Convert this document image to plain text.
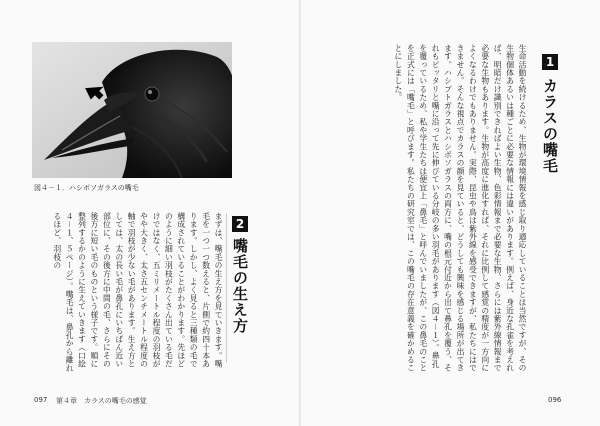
図４－１．ハシボソガラスの嘴毛
2
嘴毛の生え方
まずは、嘴毛の生え方を見ていきます。嘴毛を一つ一つ数えると、片側で約四十本あります。しかし、よく見ると三種類の毛で構成されていることがわかります。先ほどのように細い羽枝がたくさん出ている毛だけではなく、五ミリメートル程度の羽枝がやや大きく、太さ五センチメートル程度の軸で羽枝が少ない毛があります。生え方としては、太の長い毛が鼻孔にいちばん近い部位に、その後方に中間の毛、さらにその後方に短い毛のものという様子です。順に整列するかのように生えていきます（口絵４－１、５ページ）。嘴毛は、鼻孔から離れるほど、羽枝の
097 第４章　カラスの嘴毛の感覚
1
カラスの嘴毛
生命活動を続けるため、生物が環境情報を感じ取り適応していることは当然ですが、その生物個体あるいは種ごとに必要な情報には違いがあります。例えば、身近な孔雀を考えれば、明暗だけ識別できればよい生物、色彩情報まで必要な生物、さらには紫外線情報まで必要な生物もあります。生物が高度に進化すれば、それに比例して感覚の精度が一方向によくなるわけでもありません。実際、昆虫や鳥は紫外線を感受できますが、私たちにはできません。そんな視点でカラスの顔を見ていると、どうしても興味を感じる場所が出てきます。ハシブトガラスとハシボソガラスの両方に、嘴の根元付近から出て鼻孔を覆う、それもピッタリと嘴に沿って先に伸びている分岐の多い羽毛があります（図４－１）。鼻孔を覆っているため、私や学生たちは便宜上「鼻毛」と呼んでいましたが、この鼻毛のことを正式には「嘴毛」と呼びます。私たちの研究室では、この嘴毛の存在意義を確かめることにしました。
096
